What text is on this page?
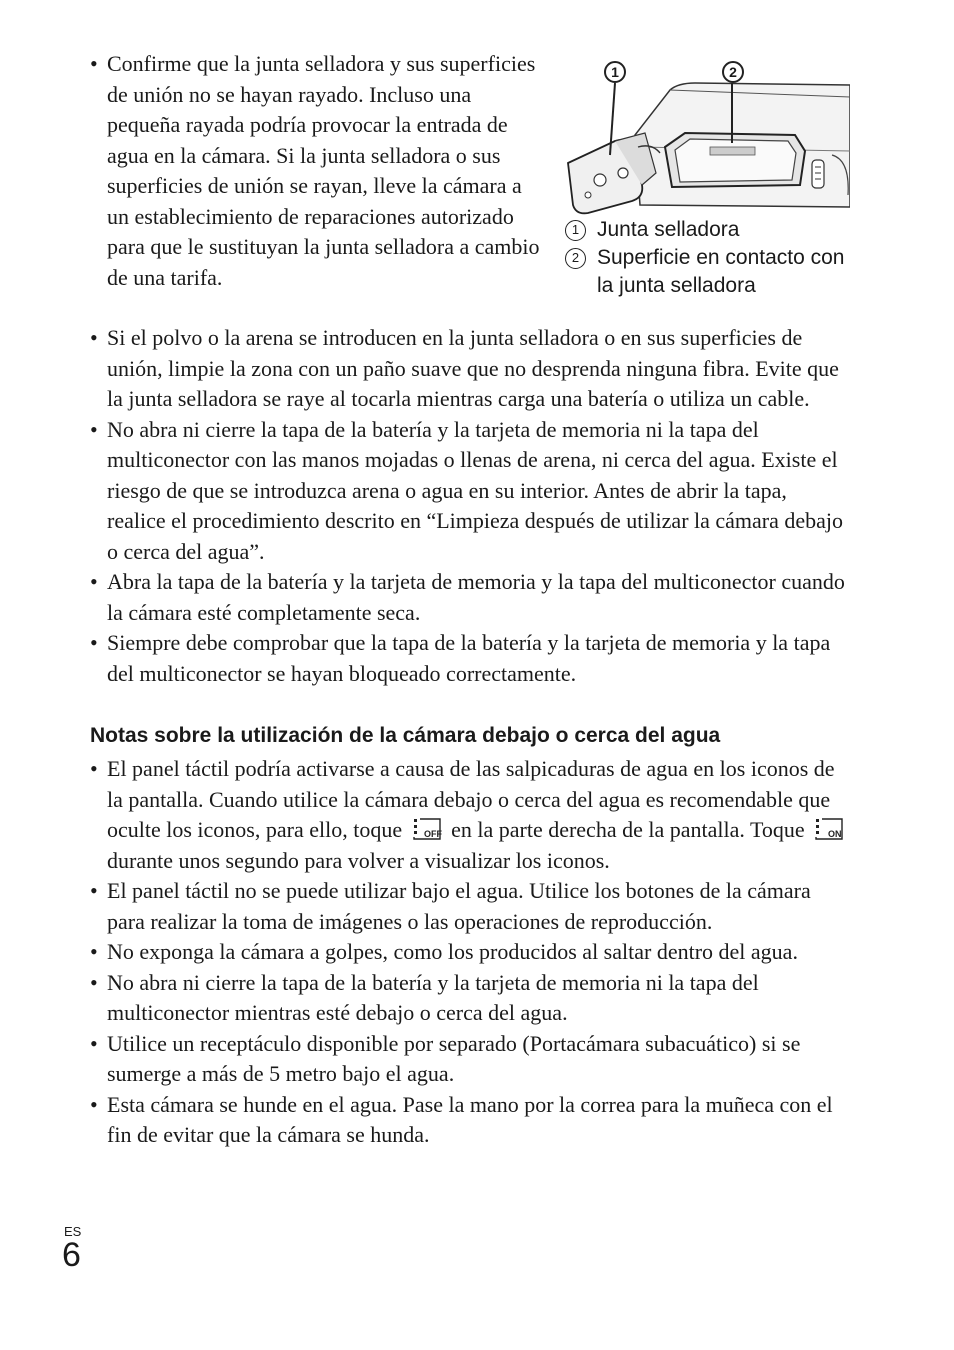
• Confirme que la junta selladora y sus superficies de unión no se hayan rayado. Incluso una pequeña rayada podría provocar la entrada de agua en la cámara. Si la junta selladora o sus superficies de unión se rayan, lleve la cámara a un establecimiento de reparaciones autorizado para que le sustituyan la junta selladora a cambio de una tarifa.
1	2
1 Junta selladora
2 Superficie en contacto con la junta selladora
• Si el polvo o la arena se introducen en la junta selladora o en sus superficies de unión, limpie la zona con un paño suave que no desprenda ninguna fibra. Evite que la junta selladora se raye al tocarla mientras carga una batería o utiliza un cable.
• No abra ni cierre la tapa de la batería y la tarjeta de memoria ni la tapa del multiconector con las manos mojadas o llenas de arena, ni cerca del agua. Existe el riesgo de que se introduzca arena o agua en su interior. Antes de abrir la tapa, realice el procedimiento descrito en “Limpieza después de utilizar la cámara debajo o cerca del agua”.
• Abra la tapa de la batería y la tarjeta de memoria y la tapa del multiconector cuando la cámara esté completamente seca.
• Siempre debe comprobar que la tapa de la batería y la tarjeta de memoria y la tapa del multiconector se hayan bloqueado correctamente.
Notas sobre la utilización de la cámara debajo o cerca del agua
• El panel táctil podría activarse a causa de las salpicaduras de agua en los iconos de la pantalla. Cuando utilice la cámara debajo o cerca del agua es recomendable que oculte los iconos, para ello, toque OFF en la parte derecha de la pantalla. Toque	ON
durante unos segundo para volver a visualizar los iconos.
• El panel táctil no se puede utilizar bajo el agua. Utilice los botones de la cámara para realizar la toma de imágenes o las operaciones de reproducción.
• No exponga la cámara a golpes, como los producidos al saltar dentro del agua.
• No abra ni cierre la tapa de la batería y la tarjeta de memoria ni la tapa del multiconector mientras esté debajo o cerca del agua.
• Utilice un receptáculo disponible por separado (Portacámara subacuático) si se sumerge a más de 5 metro bajo el agua.
• Esta cámara se hunde en el agua. Pase la mano por la correa para la muñeca con el fin de evitar que la cámara se hunda.
ES
6
